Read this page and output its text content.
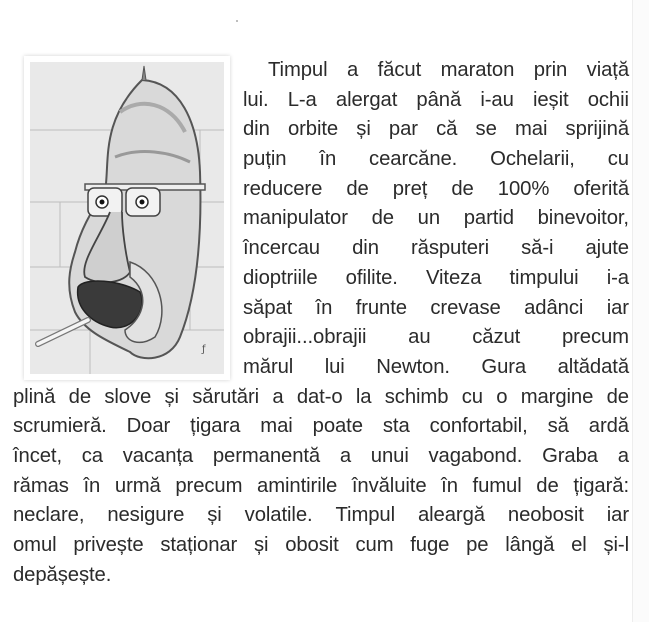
ƒ
Timpul a făcut maraton prin viață
lui. L-a alergat până i-au ieșit ochii
din orbite și par că se mai sprijină
puțin în cearcăne. Ochelarii, cu
reducere de preț de 100% oferită
manipulator de un partid binevoitor,
încercau din răsputeri să-i ajute
dioptriile ofilite. Viteza timpului i-a
săpat în frunte crevase adânci iar
obrajii...obrajii au căzut precum
mărul lui Newton. Gura altădată
plină de slove și sărutări a dat-o la schimb cu o margine de
scrumieră. Doar țigara mai poate sta confortabil, să ardă
încet, ca vacanța permanentă a unui vagabond. Graba a
rămas în urmă precum amintirile învăluite în fumul de țigară:
neclare, nesigure și volatile. Timpul aleargă neobosit iar
omul privește staționar și obosit cum fuge pe lângă el și-l
depășește.
